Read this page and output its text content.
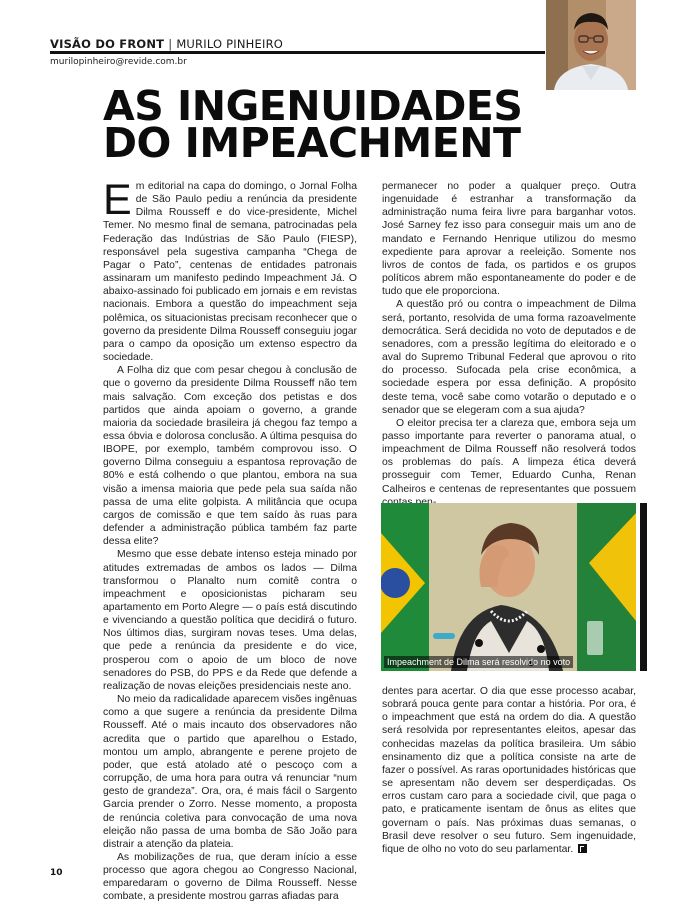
VISÃO DO FRONT | MURILO PINHEIRO
murilopinheiro@revide.com.br
AS INGENUIDADES
DO IMPEACHMENT

Em editorial na capa do domingo, o Jornal Folha de São Paulo pediu a renúncia da presidente Dilma Rousseff e do vice-presidente, Michel Temer. No mesmo final de semana, patrocinadas pela Federação das Indústrias de São Paulo (FIESP), responsável pela sugestiva campanha “Chega de Pagar o Pato”, centenas de entidades patronais assinaram um manifesto pedindo Impeachment Já. O abaixo-assinado foi publicado em jornais e em revistas nacionais. Embora a questão do impeachment seja polêmica, os situacionistas precisam reconhecer que o governo da presidente Dilma Rousseff conseguiu jogar para o campo da oposição um extenso espectro da sociedade.

A Folha diz que com pesar chegou à conclusão de que o governo da presidente Dilma Rousseff não tem mais salvação. Com exceção dos petistas e dos partidos que ainda apoiam o governo, a grande maioria da sociedade brasileira já chegou faz tempo a essa óbvia e dolorosa conclusão. A última pesquisa do IBOPE, por exemplo, também comprovou isso. O governo Dilma conseguiu a espantosa reprovação de 80% e está colhendo o que plantou, embora na sua visão a imensa maioria que pede pela sua saída não passa de uma elite golpista. A militância que ocupa cargos de comissão e que tem saído às ruas para defender a administração pública também faz parte dessa elite?

Mesmo que esse debate intenso esteja minado por atitudes extremadas de ambos os lados — Dilma transformou o Planalto num comitê contra o impeachment e oposicionistas picharam seu apartamento em Porto Alegre — o país está discutindo e vivenciando a questão política que decidirá o futuro. Nos últimos dias, surgiram novas teses. Uma delas, que pede a renúncia da presidente e do vice, prosperou com o apoio de um bloco de nove senadores do PSB, do PPS e da Rede que defende a realização de novas eleições presidenciais neste ano.

No meio da radicalidade aparecem visões ingênuas como a que sugere a renúncia da presidente Dilma Rousseff. Até o mais incauto dos observadores não acredita que o partido que aparelhou o Estado, montou um amplo, abrangente e perene projeto de poder, que está atolado até o pescoço com a corrupção, de uma hora para outra vá renunciar “num gesto de grandeza”. Ora, ora, é mais fácil o Sargento Garcia prender o Zorro. Nesse momento, a proposta de renúncia coletiva para convocação de uma nova eleição não passa de uma bomba de São João para distrair a atenção da plateia.

As mobilizações de rua, que deram início a esse processo que agora chegou ao Congresso Nacional, emparedaram o governo de Dilma Rousseff. Nesse combate, a presidente mostrou garras afiadas para

permanecer no poder a qualquer preço. Outra ingenuidade é estranhar a transformação da administração numa feira livre para barganhar votos. José Sarney fez isso para conseguir mais um ano de mandato e Fernando Henrique utilizou do mesmo expediente para aprovar a reeleição. Somente nos livros de contos de fada, os partidos e os grupos políticos abrem mão espontaneamente do poder e de tudo que ele proporciona.

A questão pró ou contra o impeachment de Dilma será, portanto, resolvida de uma forma razoavelmente democrática. Será decidida no voto de deputados e de senadores, com a pressão legítima do eleitorado e o aval do Supremo Tribunal Federal que aprovou o rito do processo. Sufocada pela crise econômica, a sociedade espera por essa definição. A propósito deste tema, você sabe como votarão o deputado e o senador que se elegeram com a sua ajuda?

O eleitor precisa ter a clareza que, embora seja um passo importante para reverter o panorama atual, o impeachment de Dilma Rousseff não resolverá todos os problemas do país. A limpeza ética deverá prosseguir com Temer, Eduardo Cunha, Renan Calheiros e centenas de representantes que possuem

Impeachment de Dilma será resolvido no voto

dentes para acertar. O dia que esse processo acabar, sobrará pouca gente para contar a história. Por ora, é o impeachment que está na ordem do dia. A questão será resolvida por representantes eleitos, apesar das conhecidas mazelas da política brasileira. Um sábio ensinamento diz que a política consiste na arte de fazer o possível. As raras oportunidades históricas que se apresentam não devem ser desperdiçadas. Os erros custam caro para a sociedade civil, que paga o pato, e praticamente isentam de ônus as elites que governam o país. Nas próximas duas semanas, o Brasil deve resolver o seu futuro. Sem ingenuidade, fique de olho no voto do seu parlamentar.

10
